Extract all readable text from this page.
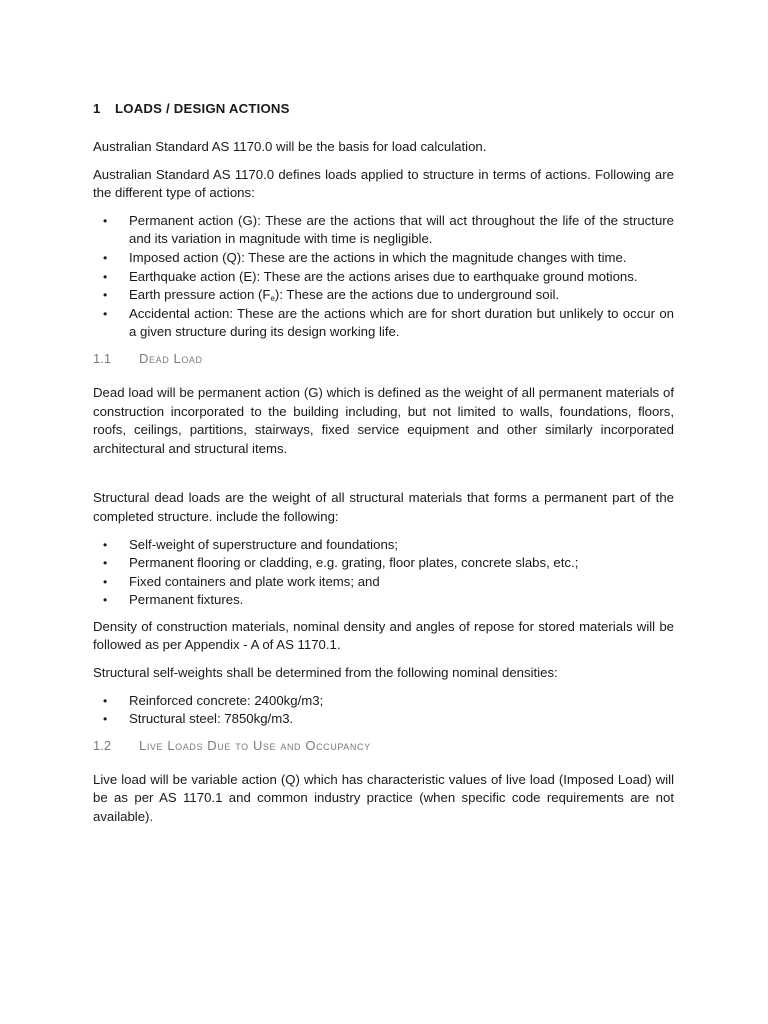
1 LOADS / DESIGN ACTIONS

Australian Standard AS 1170.0 will be the basis for load calculation.

Australian Standard AS 1170.0 defines loads applied to structure in terms of actions. Following are the different type of actions:

• Permanent action (G): These are the actions that will act throughout the life of the structure and its variation in magnitude with time is negligible.
• Imposed action (Q): These are the actions in which the magnitude changes with time.
• Earthquake action (E): These are the actions arises due to earthquake ground motions.
• Earth pressure action $(F_e)$: These are the actions due to underground soil.
• Accidental action: These are the actions which are for short duration but unlikely to occur on a given structure during its design working life.
1.1 Dead Load

Dead load will be permanent action (G) which is defined as the weight of all permanent materials of construction incorporated to the building including, but not limited to walls, foundations, floors, roofs, ceilings, partitions, stairways, fixed service equipment and other similarly incorporated architectural and structural items.

Structural dead loads are the weight of all structural materials that forms a permanent part of the completed structure. include the following:

• Self-weight of superstructure and foundations;
• Permanent flooring or cladding, e.g. grating, floor plates, concrete slabs, etc.;
• Fixed containers and plate work items; and
• Permanent fixtures.

Density of construction materials, nominal density and angles of repose for stored materials will be followed as per Appendix - A of AS 1170.1.

Structural self-weights shall be determined from the following nominal densities:

• Reinforced concrete: 2400kg/m3;
• Structural steel: 7850kg/m3.
1.2 Live Loads Due to Use and Occupancy

Live load will be variable action (Q) which has characteristic values of live load (Imposed Load) will be as per AS 1170.1 and common industry practice (when specific code requirements are not available).
